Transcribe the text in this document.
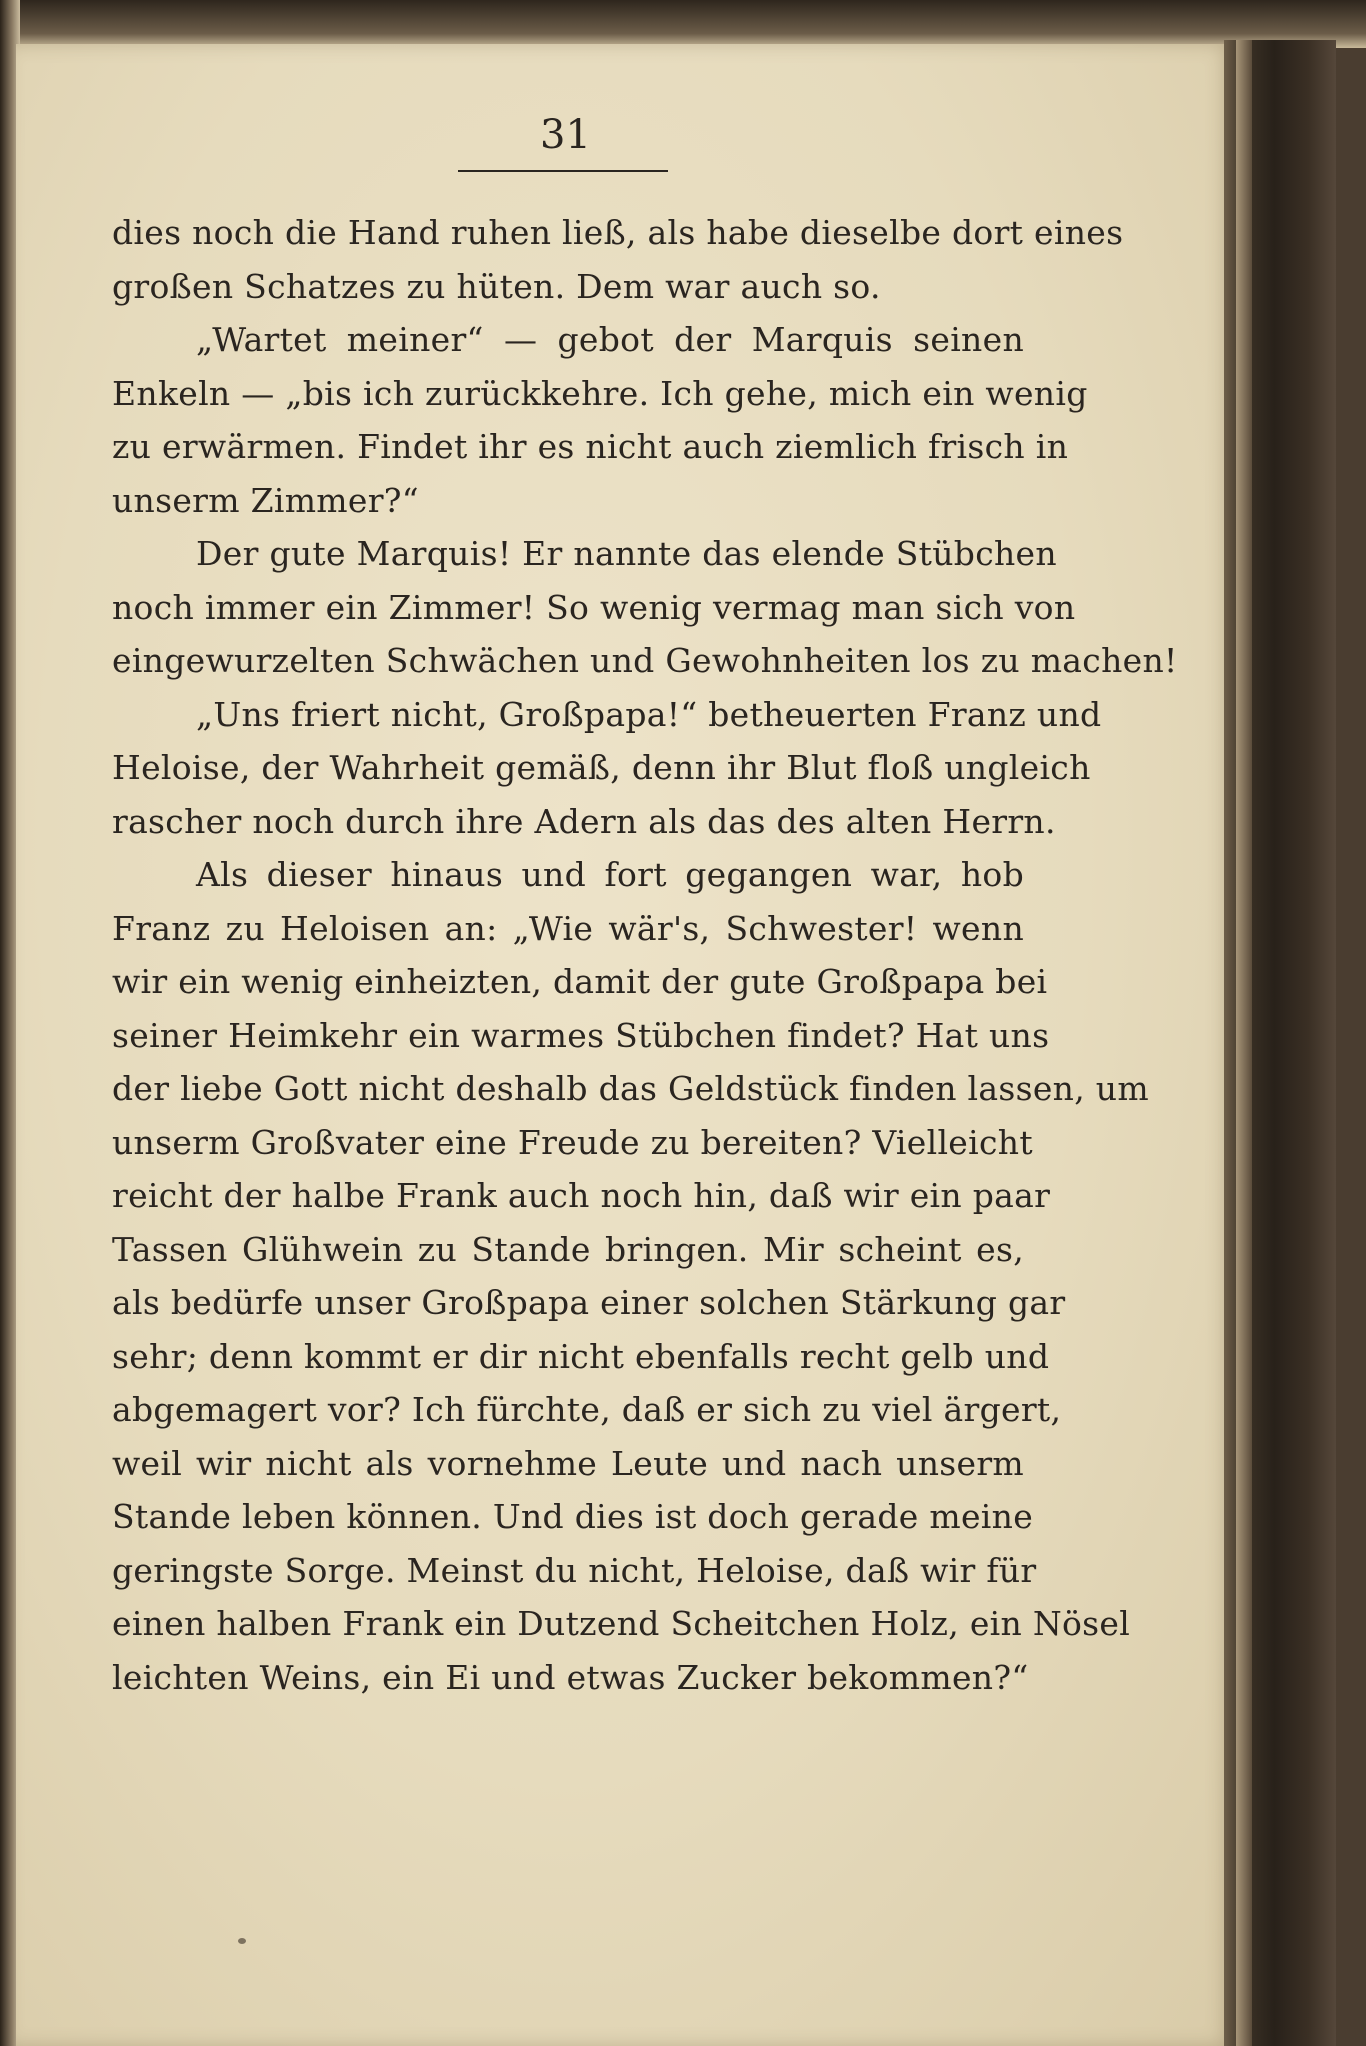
31
dies noch die Hand ruhen ließ, als habe dieselbe dort eines
großen Schatzes zu hüten. Dem war auch so.
„Wartet meiner“ — gebot der Marquis seinen
Enkeln — „bis ich zurückkehre. Ich gehe, mich ein wenig
zu erwärmen. Findet ihr es nicht auch ziemlich frisch in
unserm Zimmer?“
Der gute Marquis! Er nannte das elende Stübchen
noch immer ein Zimmer! So wenig vermag man sich von
eingewurzelten Schwächen und Gewohnheiten los zu machen!
„Uns friert nicht, Großpapa!“ betheuerten Franz und
Heloise, der Wahrheit gemäß, denn ihr Blut floß ungleich
rascher noch durch ihre Adern als das des alten Herrn.
Als dieser hinaus und fort gegangen war, hob
Franz zu Heloisen an: „Wie wär's, Schwester! wenn
wir ein wenig einheizten, damit der gute Großpapa bei
seiner Heimkehr ein warmes Stübchen findet? Hat uns
der liebe Gott nicht deshalb das Geldstück finden lassen, um
unserm Großvater eine Freude zu bereiten? Vielleicht
reicht der halbe Frank auch noch hin, daß wir ein paar
Tassen Glühwein zu Stande bringen. Mir scheint es,
als bedürfe unser Großpapa einer solchen Stärkung gar
sehr; denn kommt er dir nicht ebenfalls recht gelb und
abgemagert vor? Ich fürchte, daß er sich zu viel ärgert,
weil wir nicht als vornehme Leute und nach unserm
Stande leben können. Und dies ist doch gerade meine
geringste Sorge. Meinst du nicht, Heloise, daß wir für
einen halben Frank ein Dutzend Scheitchen Holz, ein Nösel
leichten Weins, ein Ei und etwas Zucker bekommen?“
